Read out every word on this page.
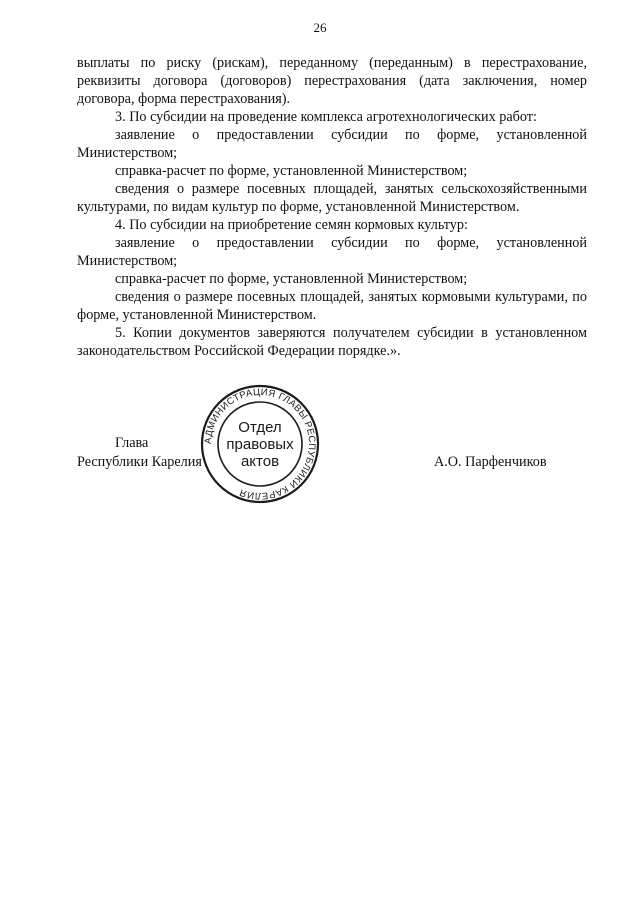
26

выплаты по риску (рискам), переданному (переданным) в перестрахование, реквизиты договора (договоров) перестрахования (дата заключения, номер договора, форма перестрахования).

3. По субсидии на проведение комплекса агротехнологических работ:

заявление о предоставлении субсидии по форме, установленной Министерством;

справка-расчет по форме, установленной Министерством;

сведения о размере посевных площадей, занятых сельскохозяйственными культурами, по видам культур по форме, установленной Министерством.

4. По субсидии на приобретение семян кормовых культур:

заявление о предоставлении субсидии по форме, установленной Министерством;

справка-расчет по форме, установленной Министерством;

сведения о размере посевных площадей, занятых кормовыми культурами, по форме, установленной Министерством.

5. Копии документов заверяются получателем субсидии в установленном законодательством Российской Федерации порядке.».

Глава
Республики Карелия	А.О. Парфенчиков
АДМИНИСТРАЦИЯ ГЛАВЫ РЕСПУБЛИКИ КАРЕЛИЯ
Отдел
правовых
актов
